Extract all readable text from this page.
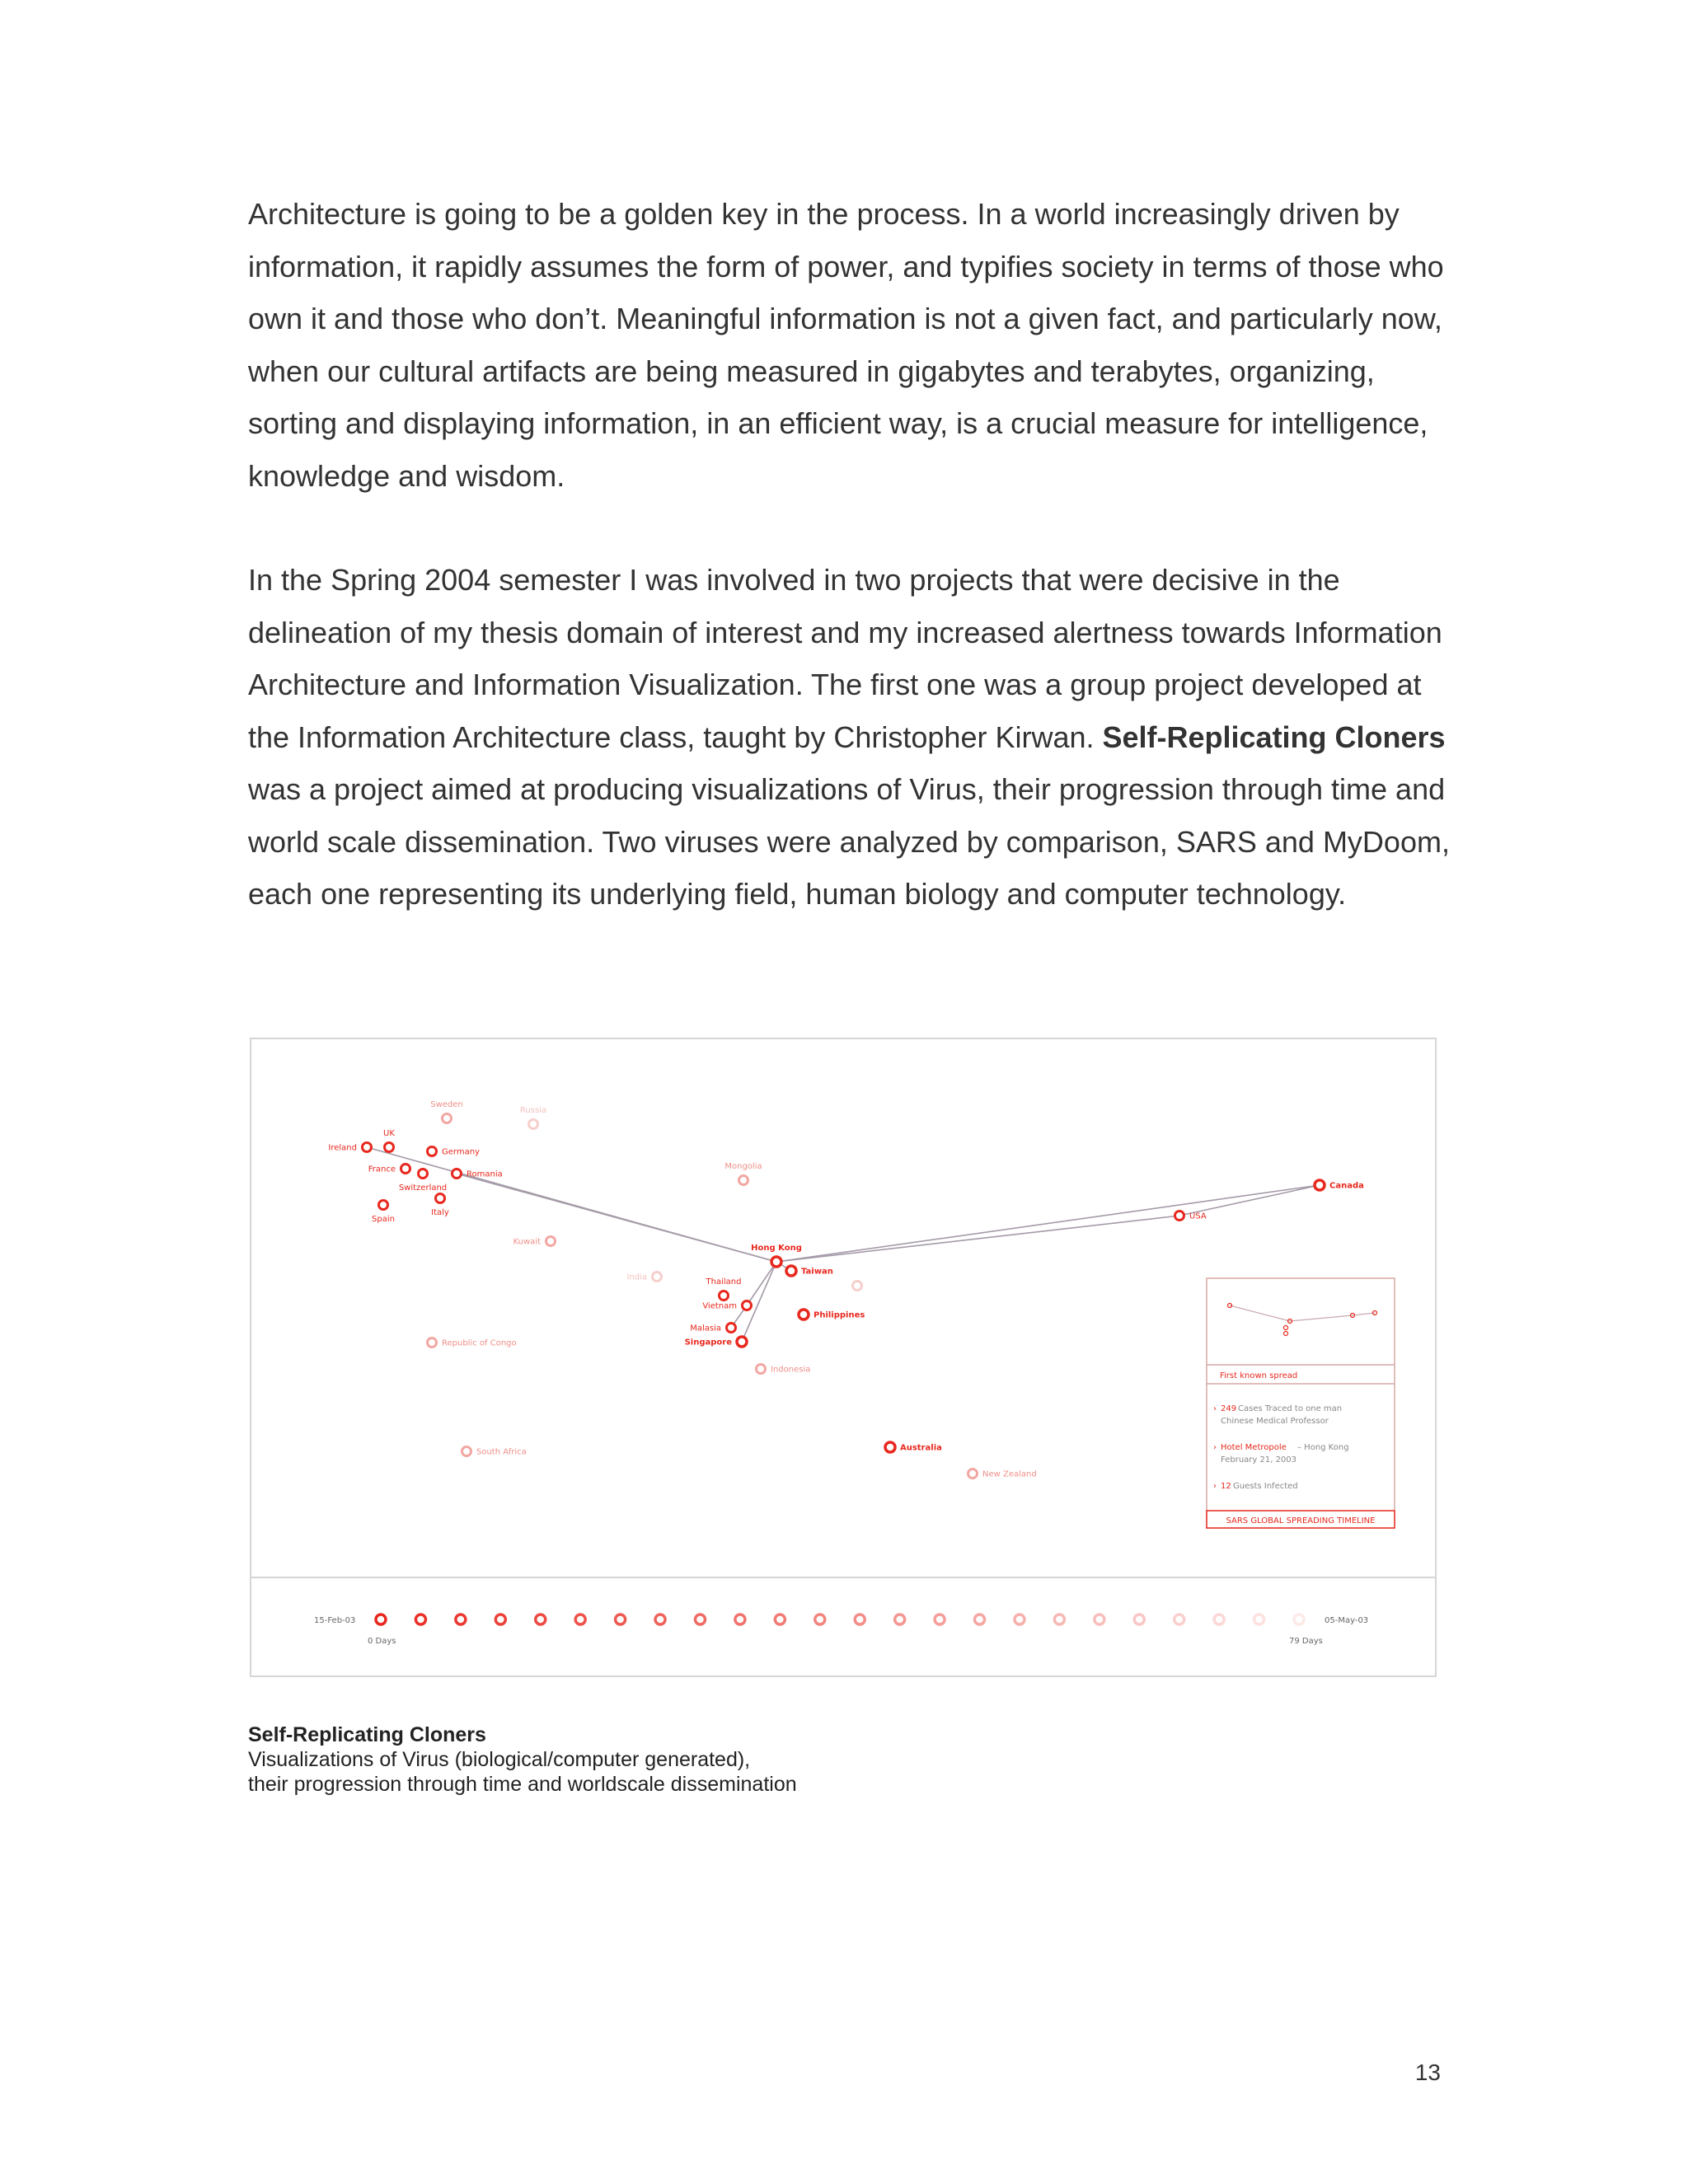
Architecture is going to be a golden key in the process. In a world increasingly driven by information, it rapidly assumes the form of power, and typifies society in terms of those who own it and those who don’t. Meaningful information is not a given fact, and particularly now, when our cultural artifacts are being measured in gigabytes and terabytes, organizing, sorting and displaying information, in an efficient way, is a crucial measure for intelligence, knowledge and wisdom.

In the Spring 2004 semester I was involved in two projects that were decisive in the delineation of my thesis domain of interest and my increased alertness towards Information Architecture and Information Visualization. The first one was a group project developed at the Information Architecture class, taught by Christopher Kirwan. Self-Replicating Cloners was a project aimed at producing visualizations of Virus, their progression through time and world scale dissemination. Two viruses were analyzed by comparison, SARS and MyDoom, each one representing its underlying field, human biology and computer technology.

Sweden
Russia
UK
Ireland	Germany
France
Romania
Switzerland
Italy
Spain
Mongolia
Kuwait
India
Hong Kong
Taiwan
Thailand
Vietnam
Malasia
Singapore
Philippines
Indonesia
Republic of Congo
South Africa	Australia
New Zealand
USA
Canada
First known spread
› 249 Cases Traced to one man
Chinese Medical Professor
› Hotel Metropole – Hong Kong
February 21, 2003
› 12 Guests Infected
SARS GLOBAL SPREADING TIMELINE
15-Feb-03	05-May-03
0 Days	79 Days

Self-Replicating Cloners

Visualizations of Virus (biological/computer generated),

their progression through time and worldscale dissemination

13
